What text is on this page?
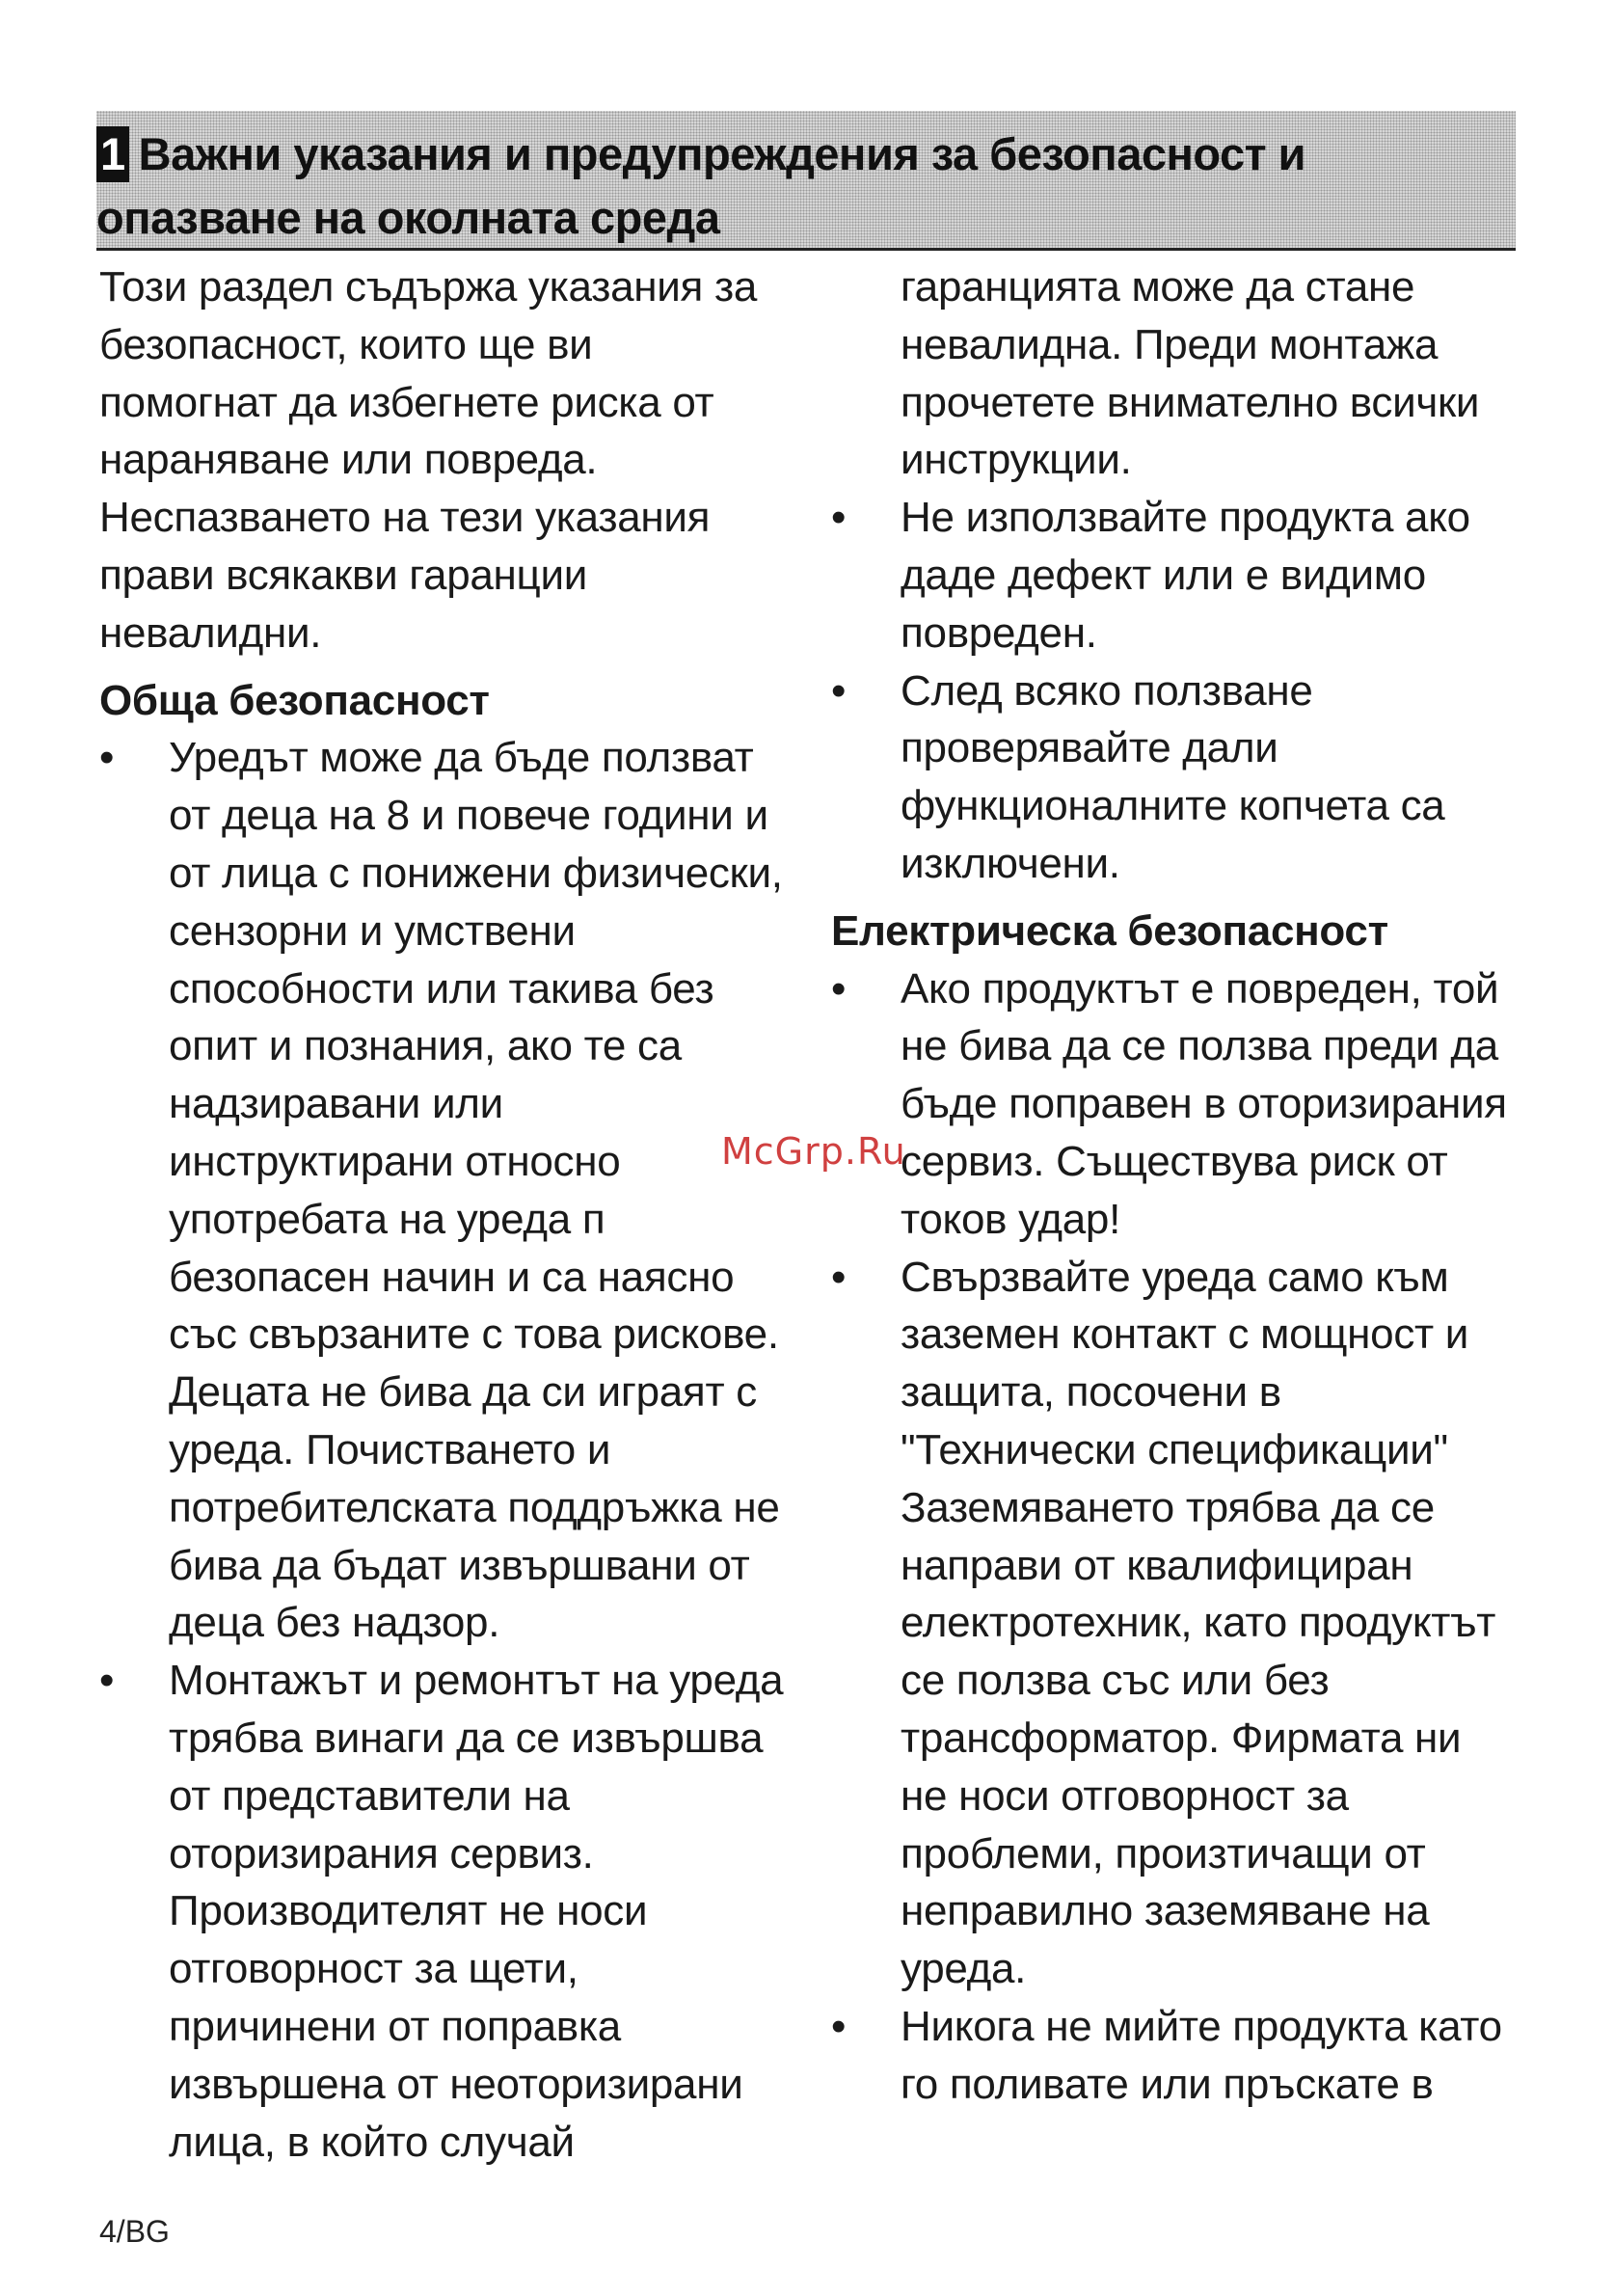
1 Важни указания и предупреждения за безопасност и
опазване на околната среда

Този раздел съдържа указания за

безопасност, които ще ви

помогнат да избегнете риска от

нараняване или повреда.

Неспазването на тези указания

прави всякакви гаранции

невалидни.

Обща безопасност
•	Уредът може да бъде ползват

от деца на 8 и повече години и

от лица с понижени физически,

сензорни и умствени

способности или такива без

опит и познания, ако те са

надзиравани или

инструктирани относно

употребата на уреда п

безопасен начин и са наясно

със свързаните с това рискове.

Децата не бива да си играят с

уреда. Почистването и

потребителската поддръжка не

бива да бъдат извършвани от

деца без надзор.

•	Монтажът и ремонтът на уреда

трябва винаги да се извършва

от представители на

оторизирания сервиз.

Производителят не носи

отговорност за щети,

причинени от поправка

извършена от неоторизирани

лица, в който случай

гаранцията може да стане

невалидна. Преди монтажа

прочетете внимателно всички

инструкции.

•	Не използвайте продукта ако

даде дефект или е видимо

повреден.

•	След всяко ползване

проверявайте дали

функционалните копчета са

изключени.

Електрическа безопасност
•	Ако продуктът е повреден, той

не бива да се ползва преди да

бъде поправен в оторизирания

сервиз. Съществува риск от

токов удар!

•	Свързвайте уреда само към

заземен контакт с мощност и

защита, посочени в

"Технически спецификации"

Заземяването трябва да се

направи от квалифициран

електротехник, като продуктът

се ползва със или без

трансформатор. Фирмата ни

не носи отговорност за

проблеми, произтичащи от

неправилно заземяване на

уреда.

•	Никога не мийте продукта като

го поливате или пръскате в

McGrp.Ru
4/BG
